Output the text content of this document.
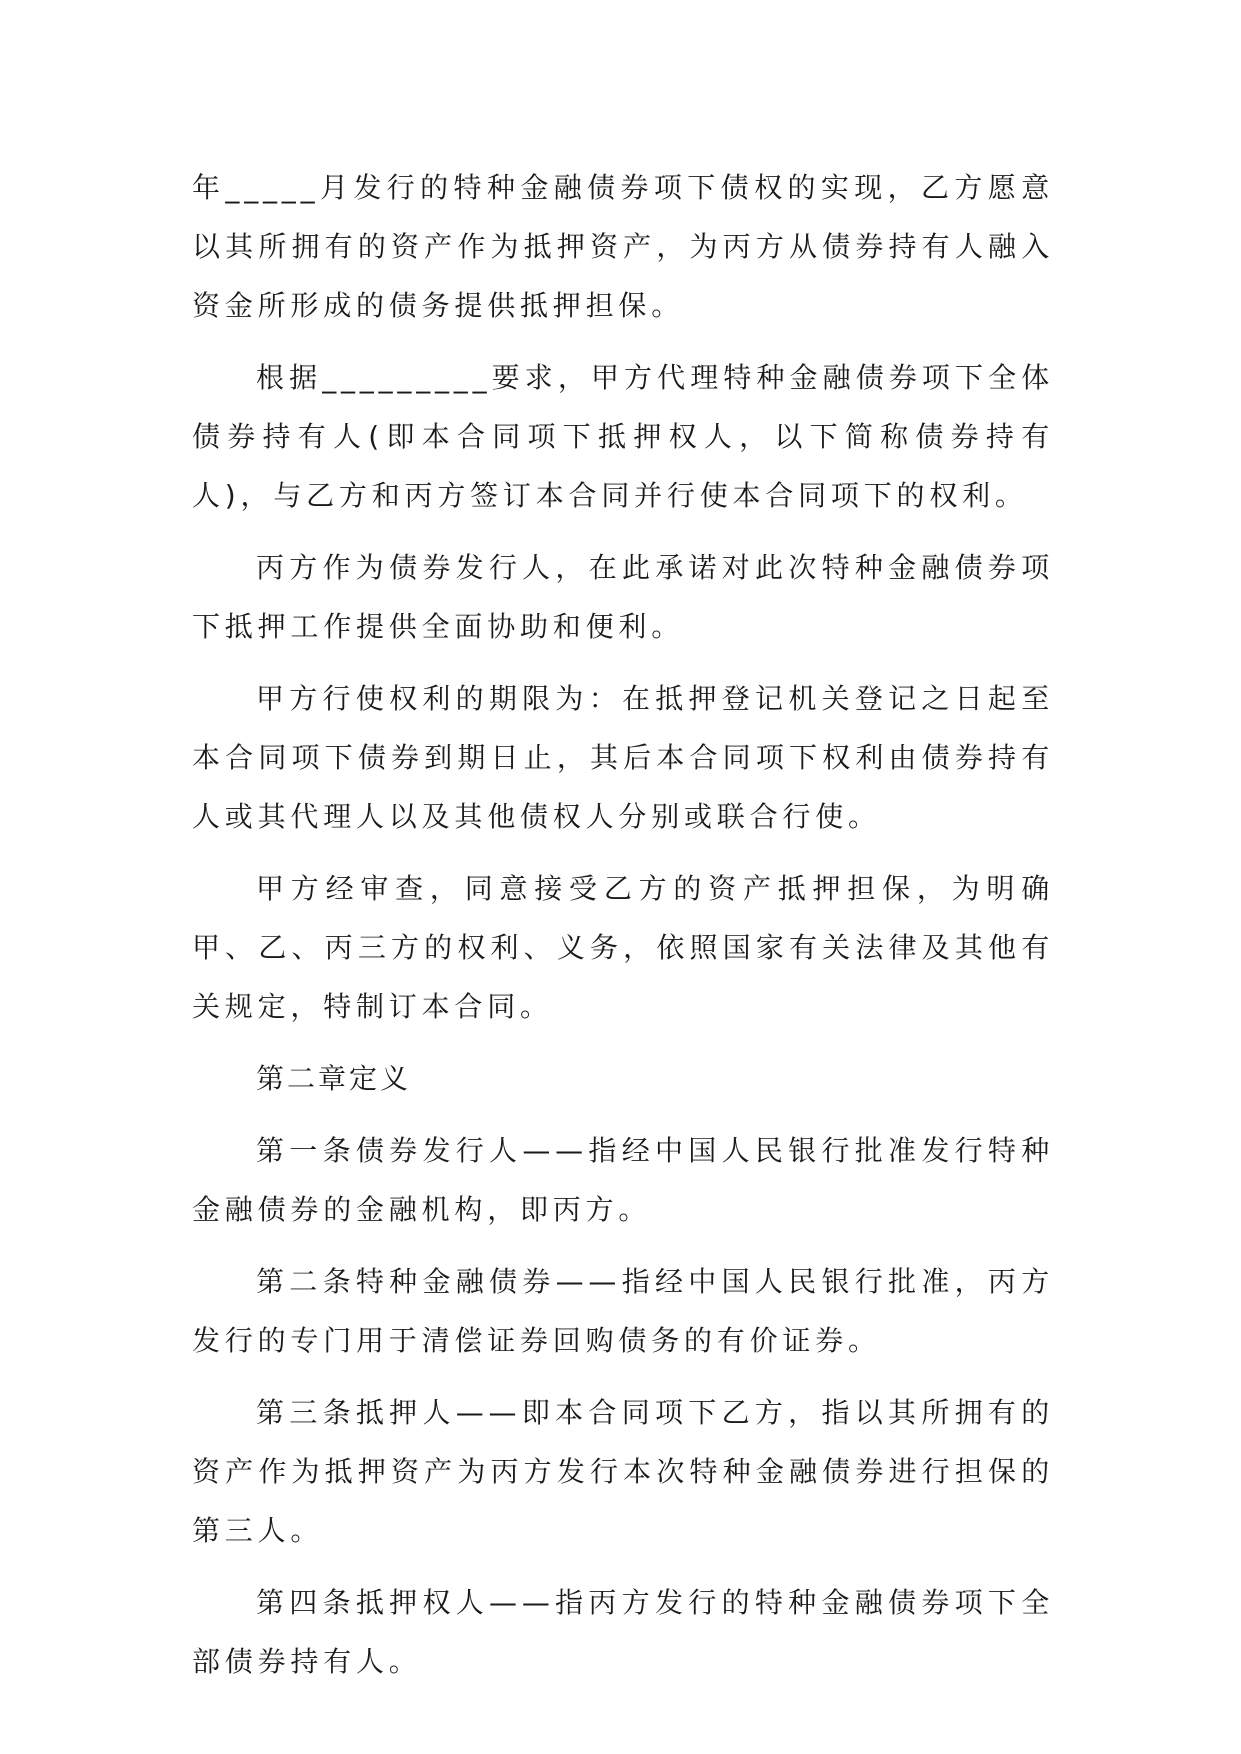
年_____月发行的特种金融债券项下债权的实现，乙方愿意以其所拥有的资产作为抵押资产，为丙方从债券持有人融入资金所形成的债务提供抵押担保。

根据_________要求，甲方代理特种金融债券项下全体债券持有人(即本合同项下抵押权人，以下简称债券持有人)，与乙方和丙方签订本合同并行使本合同项下的权利。

丙方作为债券发行人，在此承诺对此次特种金融债券项下抵押工作提供全面协助和便利。

甲方行使权利的期限为：在抵押登记机关登记之日起至本合同项下债券到期日止，其后本合同项下权利由债券持有人或其代理人以及其他债权人分别或联合行使。

甲方经审查，同意接受乙方的资产抵押担保，为明确甲、乙、丙三方的权利、义务，依照国家有关法律及其他有关规定，特制订本合同。

第二章定义

第一条债券发行人——指经中国人民银行批准发行特种金融债券的金融机构，即丙方。

第二条特种金融债券——指经中国人民银行批准，丙方发行的专门用于清偿证券回购债务的有价证券。

第三条抵押人——即本合同项下乙方，指以其所拥有的资产作为抵押资产为丙方发行本次特种金融债券进行担保的第三人。

第四条抵押权人——指丙方发行的特种金融债券项下全部债券持有人。
